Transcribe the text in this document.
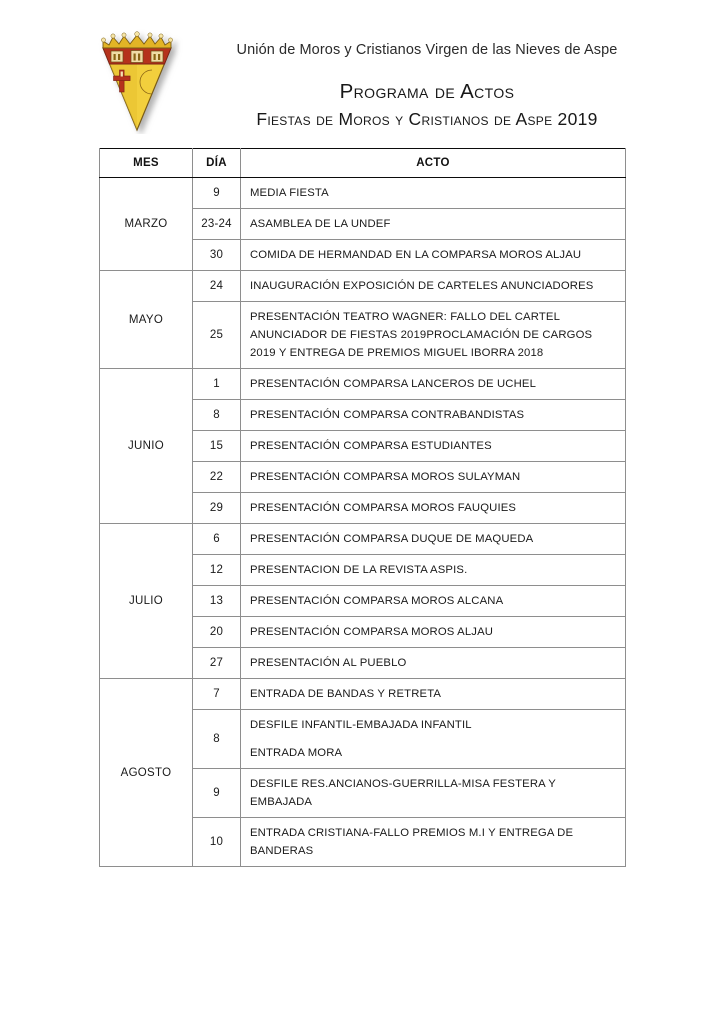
Unión de Moros y Cristianos Virgen de las Nieves de Aspe
Programa de Actos
Fiestas de Moros y Cristianos de Aspe 2019
MES	DÍA	ACTO
MARZO	9	MEDIA FIESTA

	23-24	ASAMBLEA DE LA UNDEF

	30	COMIDA DE HERMANDAD EN LA COMPARSA MOROS ALJAU

MAYO	24	INAUGURACIÓN EXPOSICIÓN DE CARTELES ANUNCIADORES

	25	PRESENTACIÓN TEATRO WAGNER: FALLO DEL CARTEL ANUNCIADOR DE FIESTAS 2019PROCLAMACIÓN DE CARGOS 2019 Y ENTREGA DE PREMIOS MIGUEL IBORRA 2018

JUNIO	1	PRESENTACIÓN COMPARSA LANCEROS DE UCHEL

	8	PRESENTACIÓN COMPARSA CONTRABANDISTAS

	15	PRESENTACIÓN COMPARSA ESTUDIANTES

	22	PRESENTACIÓN COMPARSA MOROS SULAYMAN

	29	PRESENTACIÓN COMPARSA MOROS FAUQUIES

JULIO	6	PRESENTACIÓN COMPARSA DUQUE DE MAQUEDA

	12	PRESENTACION DE LA REVISTA ASPIS.

	13	PRESENTACIÓN COMPARSA MOROS ALCANA

	20	PRESENTACIÓN COMPARSA MOROS ALJAU

	27	PRESENTACIÓN AL PUEBLO

AGOSTO	7	ENTRADA DE BANDAS Y RETRETA

	8	DESFILE INFANTIL-EMBAJADA INFANTIL
ENTRADA MORA

	9	DESFILE RES.ANCIANOS-GUERRILLA-MISA FESTERA Y EMBAJADA

	10	ENTRADA CRISTIANA-FALLO PREMIOS M.I Y ENTREGA DE BANDERAS
